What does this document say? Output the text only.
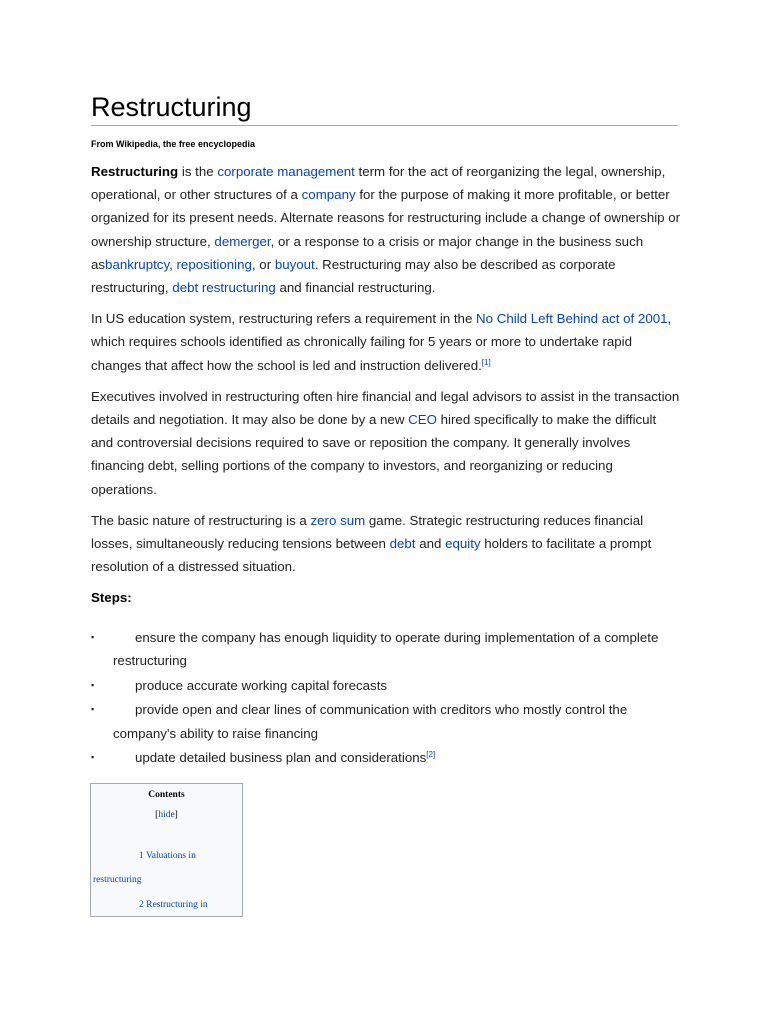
Restructuring
From Wikipedia, the free encyclopedia

Restructuring is the corporate management term for the act of reorganizing the legal, ownership, operational, or other structures of a company for the purpose of making it more profitable, or better organized for its present needs. Alternate reasons for restructuring include a change of ownership or ownership structure, demerger, or a response to a crisis or major change in the business such asbankruptcy, repositioning, or buyout. Restructuring may also be described as corporate restructuring, debt restructuring and financial restructuring.

In US education system, restructuring refers a requirement in the No Child Left Behind act of 2001, which requires schools identified as chronically failing for 5 years or more to undertake rapid changes that affect how the school is led and instruction delivered.[1]

Executives involved in restructuring often hire financial and legal advisors to assist in the transaction details and negotiation. It may also be done by a new CEO hired specifically to make the difficult and controversial decisions required to save or reposition the company. It generally involves financing debt, selling portions of the company to investors, and reorganizing or reducing operations.

The basic nature of restructuring is a zero sum game. Strategic restructuring reduces financial losses, simultaneously reducing tensions between debt and equity holders to facilitate a prompt resolution of a distressed situation.

Steps:
▪	ensure the company has enough liquidity to operate during implementation of a complete restructuring
▪	produce accurate working capital forecasts
▪	provide open and clear lines of communication with creditors who mostly control the company's ability to raise financing
▪	update detailed business plan and considerations[2]
Contents
[hide]
1 Valuations in
restructuring
2 Restructuring in
